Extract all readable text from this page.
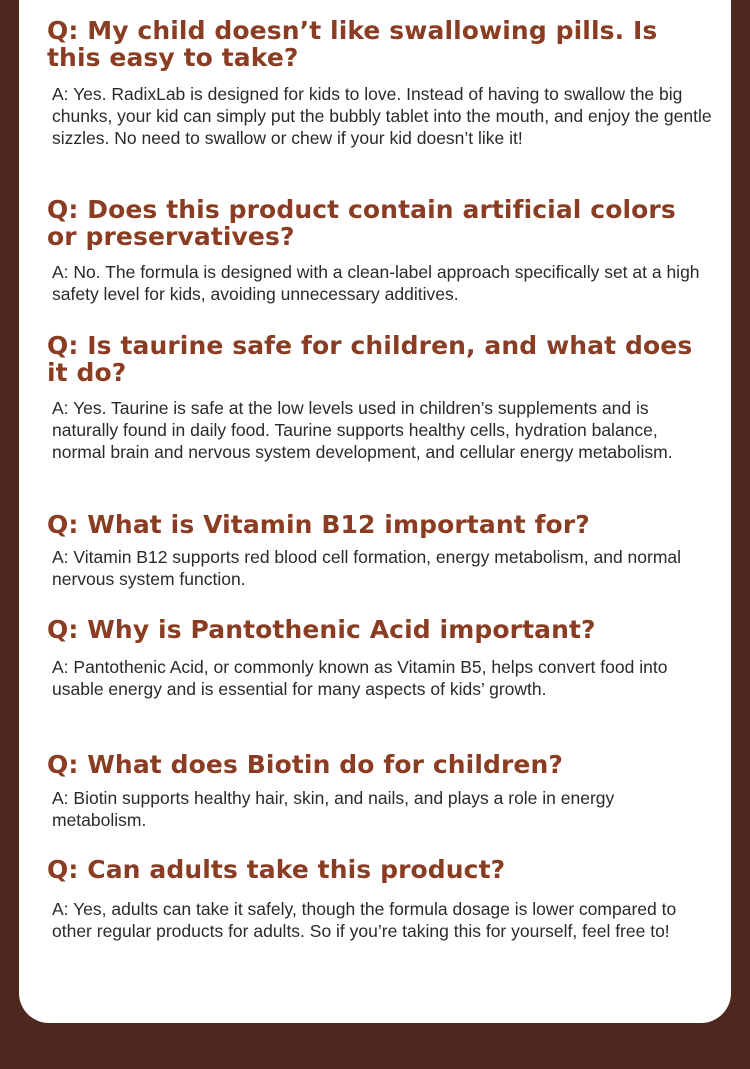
Q: My child doesn’t like swallowing pills. Is this easy to take?

A: Yes. RadixLab is designed for kids to love. Instead of having to swallow the big chunks, your kid can simply put the bubbly tablet into the mouth, and enjoy the gentle sizzles. No need to swallow or chew if your kid doesn’t like it!

Q: Does this product contain artificial colors or preservatives?

A: No. The formula is designed with a clean-label approach specifically set at a high safety level for kids, avoiding unnecessary additives.

Q: Is taurine safe for children, and what does it do?

A: Yes. Taurine is safe at the low levels used in children’s supplements and is naturally found in daily food. Taurine supports healthy cells, hydration balance, normal brain and nervous system development, and cellular energy metabolism.

Q: What is Vitamin B12 important for?

A: Vitamin B12 supports red blood cell formation, energy metabolism, and normal nervous system function.

Q: Why is Pantothenic Acid important?

A: Pantothenic Acid, or commonly known as Vitamin B5, helps convert food into usable energy and is essential for many aspects of kids’ growth.

Q: What does Biotin do for children?

A: Biotin supports healthy hair, skin, and nails, and plays a role in energy metabolism.

Q: Can adults take this product?

A: Yes, adults can take it safely, though the formula dosage is lower compared to other regular products for adults. So if you’re taking this for yourself, feel free to!
